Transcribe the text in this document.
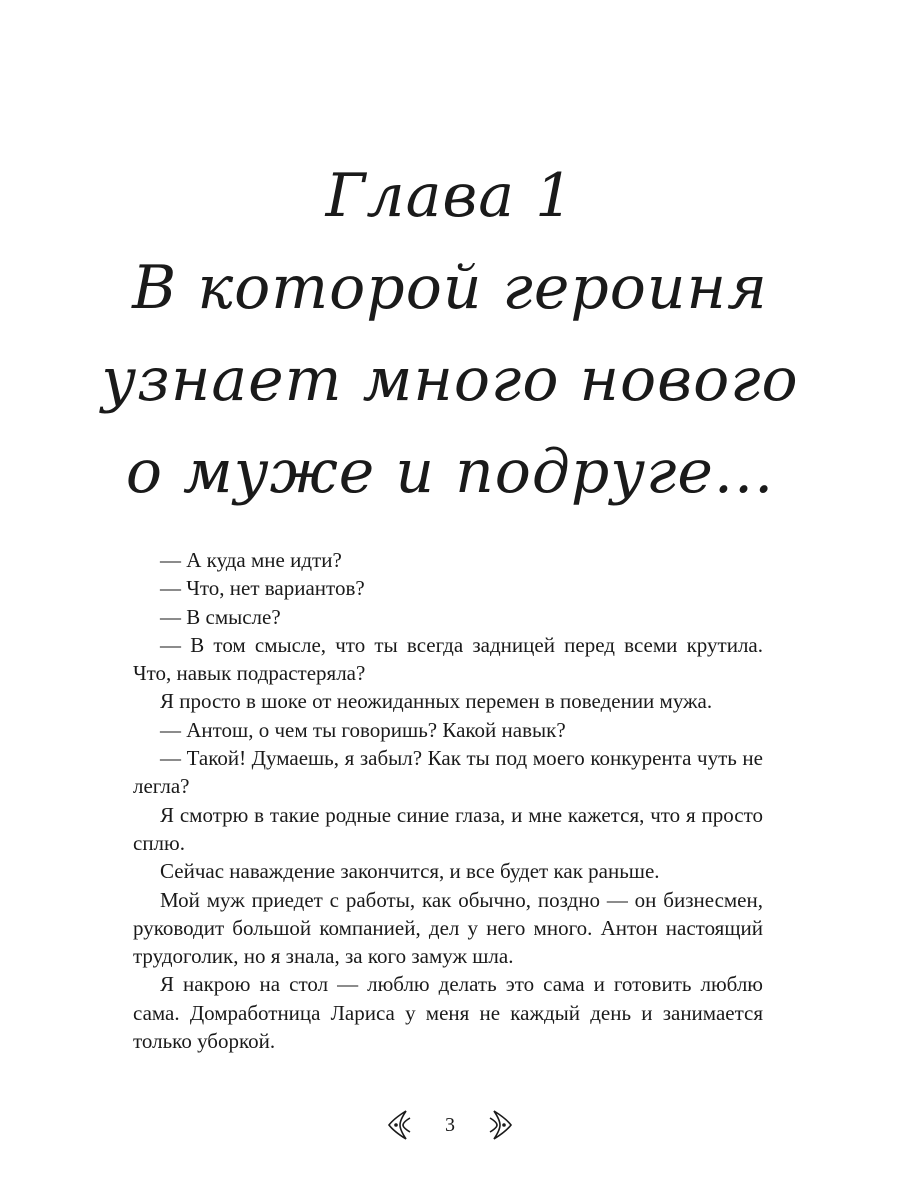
Глава 1
В которой героиня
узнает много нового
о муже и подруге...

— А куда мне идти?

— Что, нет вариантов?

— В смысле?

— В том смысле, что ты всегда задницей перед всеми крутила. Что, навык подрастеряла?

Я просто в шоке от неожиданных перемен в поведении мужа.

— Антош, о чем ты говоришь? Какой навык?

— Такой! Думаешь, я забыл? Как ты под моего конкурента чуть не легла?

Я смотрю в такие родные синие глаза, и мне кажется, что я просто сплю.

Сейчас наваждение закончится, и все будет как раньше.

Мой муж приедет с работы, как обычно, поздно — он бизнесмен, руководит большой компанией, дел у него много. Антон настоящий трудоголик, но я знала, за кого замуж шла.

Я накрою на стол — люблю делать это сама и готовить люблю сама. Домработница Лариса у меня не каждый день и занимается только уборкой.

3
